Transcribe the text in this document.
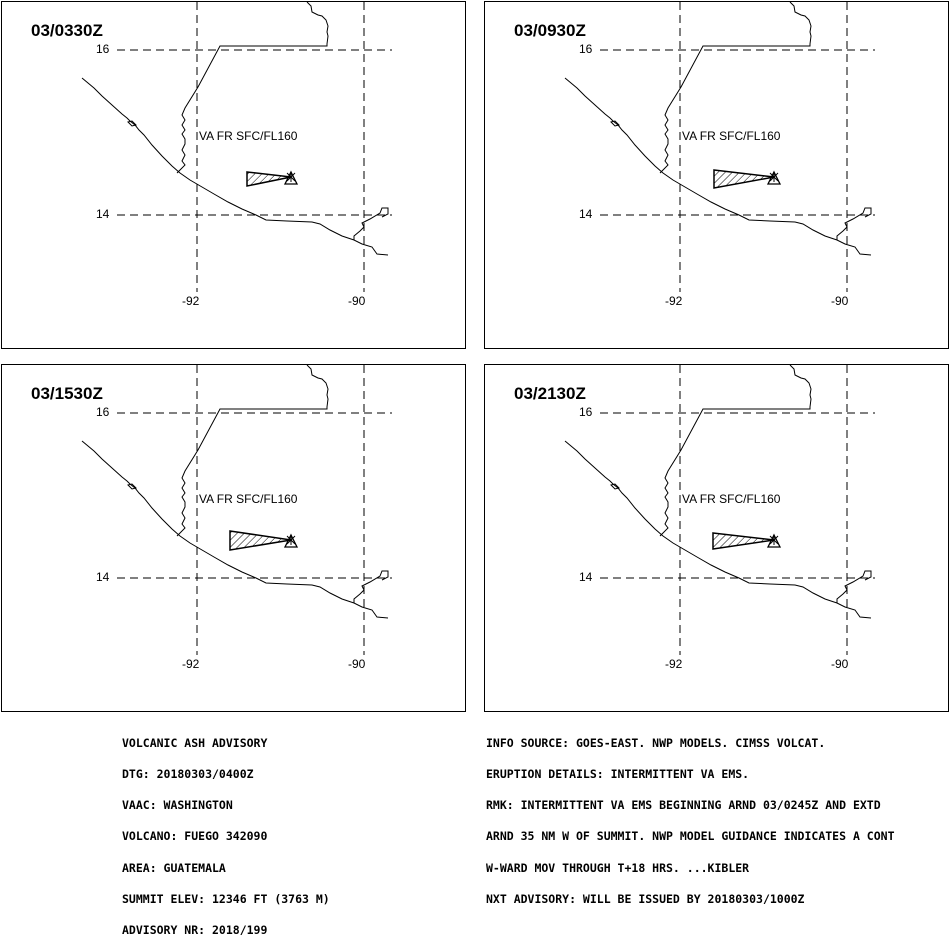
03/0330Z
16
14
-92	-90
VA FR SFC/FL160
03/0930Z
16
14
-92	-90
VA FR SFC/FL160
03/1530Z
16
14
-92	-90
VA FR SFC/FL160
03/2130Z
16
14
-92	-90
VA FR SFC/FL160

VOLCANIC ASH ADVISORY

DTG: 20180303/0400Z

VAAC: WASHINGTON

VOLCANO: FUEGO 342090

AREA: GUATEMALA

SUMMIT ELEV: 12346 FT (3763 M)

ADVISORY NR: 2018/199

INFO SOURCE: GOES-EAST. NWP MODELS. CIMSS VOLCAT.

ERUPTION DETAILS: INTERMITTENT VA EMS.

RMK: INTERMITTENT VA EMS BEGINNING ARND 03/0245Z AND EXTD

ARND 35 NM W OF SUMMIT. NWP MODEL GUIDANCE INDICATES A CONT

W-WARD MOV THROUGH T+18 HRS. ...KIBLER

NXT ADVISORY: WILL BE ISSUED BY 20180303/1000Z
